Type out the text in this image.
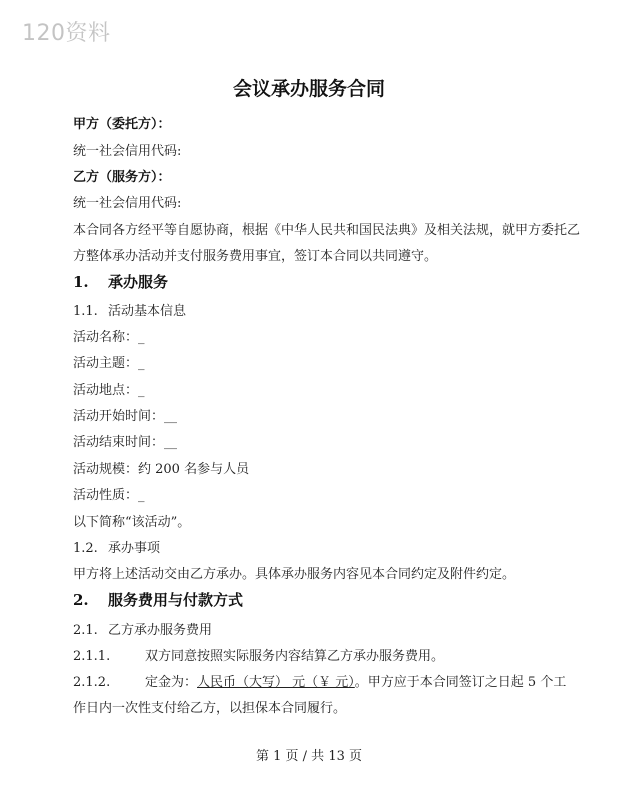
120资料
会议承办服务合同
甲方（委托方）：
统一社会信用代码:
乙方（服务方）：
统一社会信用代码:
本合同各方经平等自愿协商，根据《中华人民共和国民法典》及相关法规，就甲方委托乙
方整体承办活动并支付服务费用事宜，签订本合同以共同遵守。
1. 承办服务
1.1. 活动基本信息
活动名称：_
活动主题：_
活动地点：_
活动开始时间：__
活动结束时间：__
活动规模：约 200 名参与人员
活动性质：_
以下简称“该活动”。
1.2. 承办事项
甲方将上述活动交由乙方承办。具体承办服务内容见本合同约定及附件约定。
2. 服务费用与付款方式
2.1. 乙方承办服务费用
2.1.1.	双方同意按照实际服务内容结算乙方承办服务费用。
2.1.2.	定金为：人民币（大写） 元（￥ 元）。甲方应于本合同签订之日起 5 个工
作日内一次性支付给乙方，以担保本合同履行。
第 1 页 / 共 13 页
